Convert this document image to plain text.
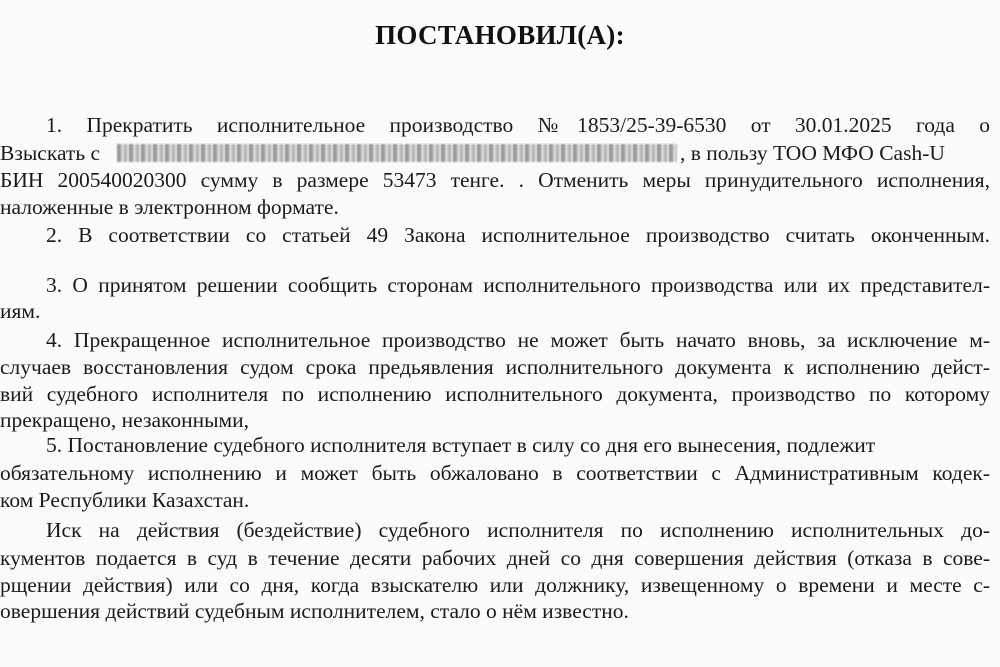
ПОСТАНОВИЛ(А):
1. Прекратить исполнительное производство №1853/25-39-6530 от 30.01.2025 года о
Взыскать с	, в пользу ТОО МФО Cash-U
БИН 200540020300 сумму в размере 53473 тенге. . Отменить меры принудительного исполнения,
наложенные в электронном формате.
2. В соответствии со статьей 49 Закона исполнительное производство считать оконченным.
3. О принятом решении сообщить сторонам исполнительного производства или их представител-
иям.
4. Прекращенное исполнительное производство не может быть начато вновь, за исключение м-
случаев восстановления судом срока предьявления исполнительного документа к исполнению дейст-
вий судебного исполнителя по исполнению исполнительного документа, производство по которому
прекращено, незаконными,
5. Постановление судебного исполнителя вступает в силу со дня его вынесения, подлежит
обязательному исполнению и может быть обжаловано в соответствии с Административным кодек-
ком Республики Казахстан.
Иск на действия (бездействие) судебного исполнителя по исполнению исполнительных до-
кументов подается в суд в течение десяти рабочих дней со дня совершения действия (отказа в сове-
рщении действия) или со дня, когда взыскателю или должнику, извещенному о времени и месте с-
овершения действий судебным исполнителем, стало о нём известно.
